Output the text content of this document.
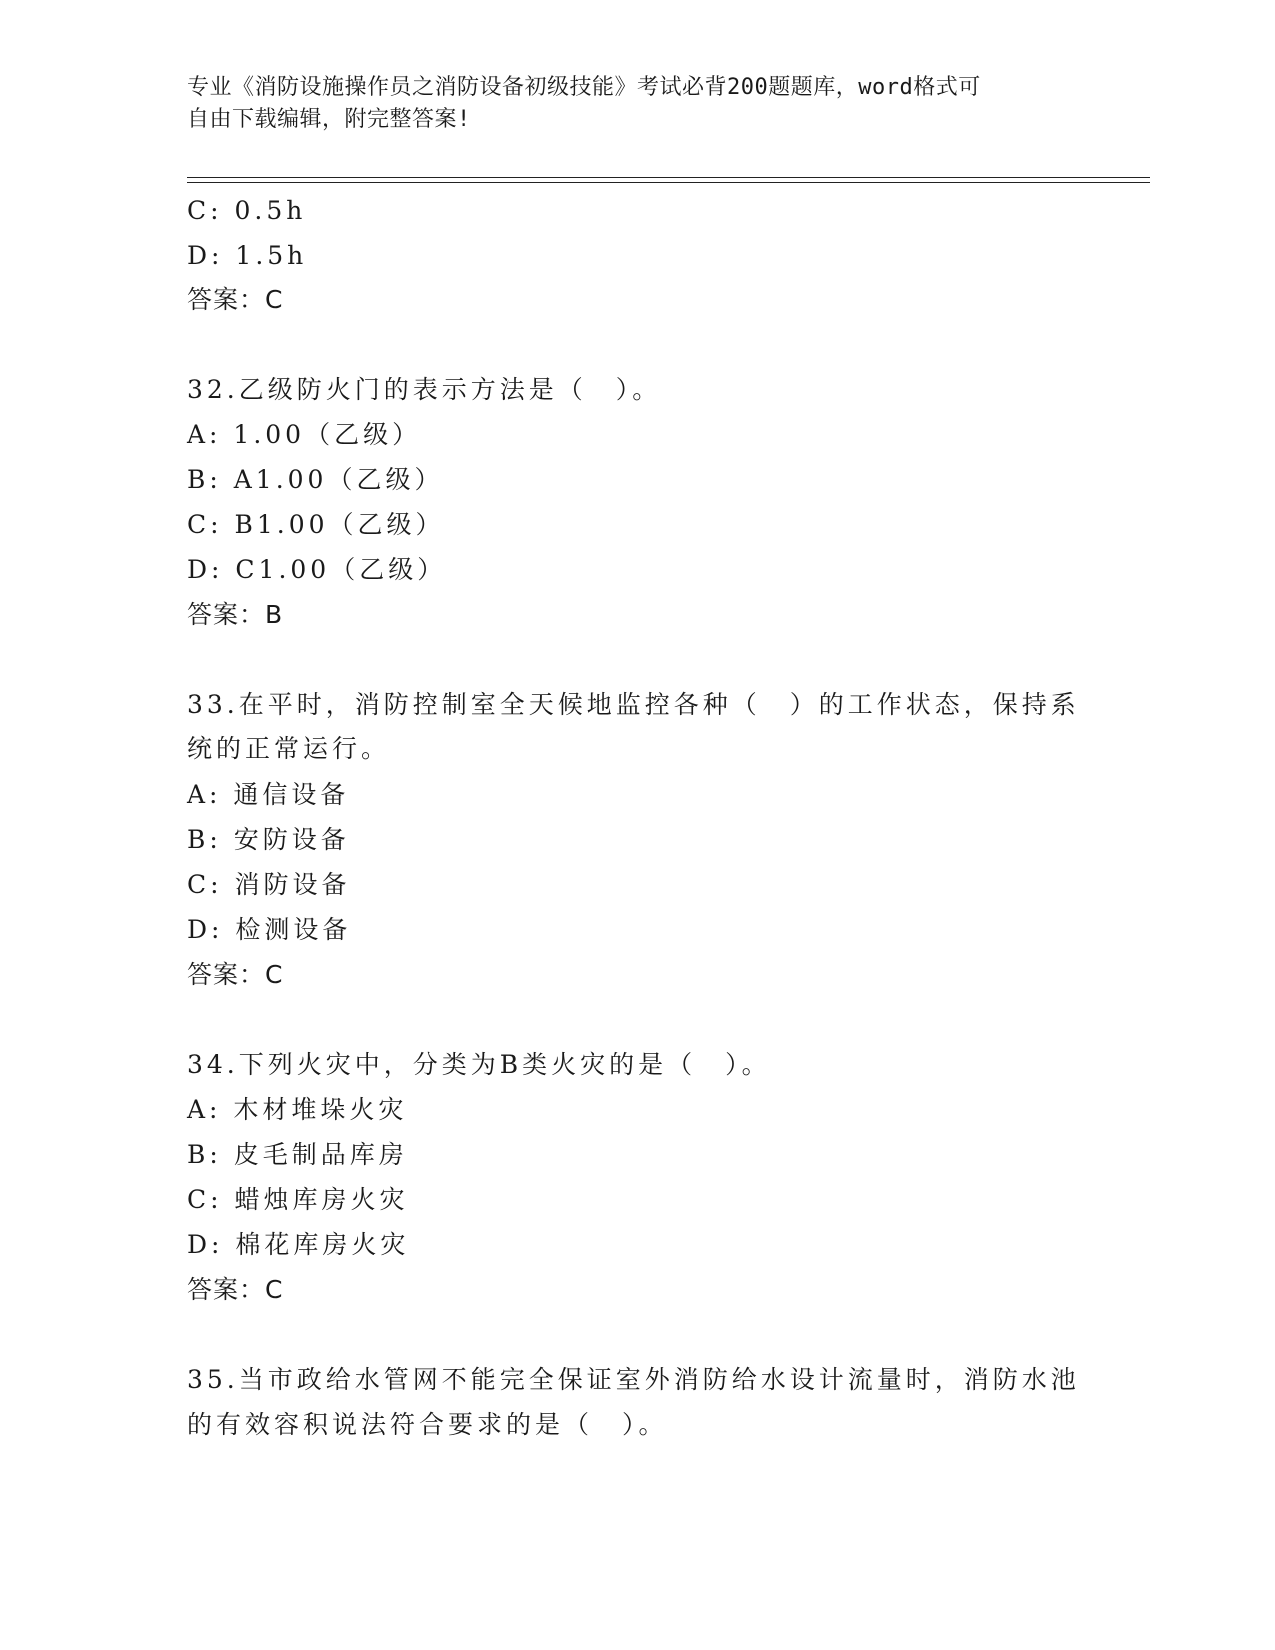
专业《消防设施操作员之消防设备初级技能》考试必背200题题库，word格式可
自由下载编辑，附完整答案!
C: 0.5h
D: 1.5h
答案：C
32.乙级防火门的表示方法是（　）。
A: 1.00（乙级）
B: A1.00（乙级）
C: B1.00（乙级）
D: C1.00（乙级）
答案：B
33.在平时，消防控制室全天候地监控各种（　）的工作状态，保持系
统的正常运行。
A: 通信设备
B: 安防设备
C: 消防设备
D: 检测设备
答案：C
34.下列火灾中，分类为B类火灾的是（　）。
A: 木材堆垛火灾
B: 皮毛制品库房
C: 蜡烛库房火灾
D: 棉花库房火灾
答案：C
35.当市政给水管网不能完全保证室外消防给水设计流量时，消防水池
的有效容积说法符合要求的是（　）。
